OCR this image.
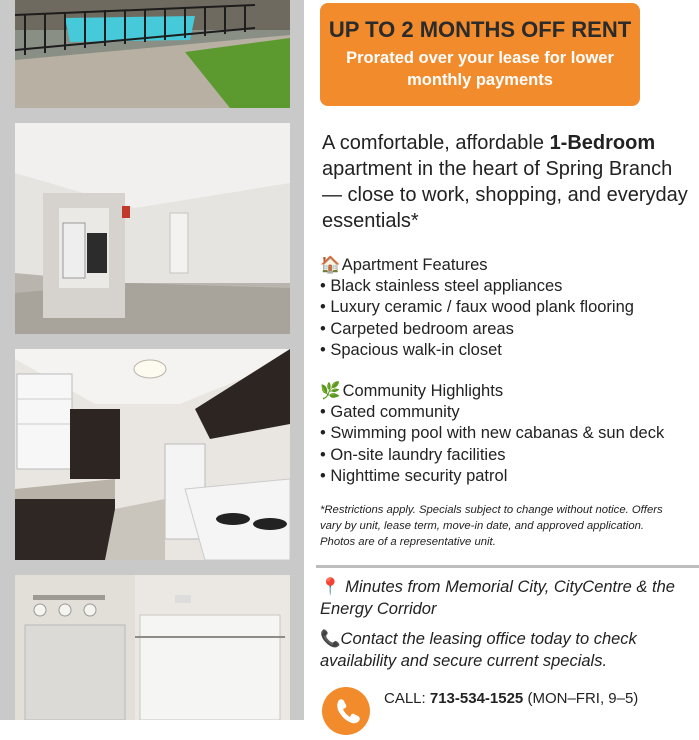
UP TO 2 MONTHS OFF RENT
Prorated over your lease for lower monthly payments
A comfortable, affordable 1-Bedroom apartment in the heart of Spring Branch — close to work, shopping, and everyday essentials*
🏠 Apartment Features
• Black stainless steel appliances
• Luxury ceramic / faux wood plank flooring
• Carpeted bedroom areas
• Spacious walk-in closet
🌿 Community Highlights
• Gated community
• Swimming pool with new cabanas & sun deck
• On-site laundry facilities
• Nighttime security patrol
*Restrictions apply. Specials subject to change without notice. Offers vary by unit, lease term, move-in date, and approved application. Photos are of a representative unit.
📍 Minutes from Memorial City, CityCentre & the Energy Corridor
📞Contact the leasing office today to check availability and secure current specials.
CALL: 713-534-1525 (MON–FRI, 9–5)
